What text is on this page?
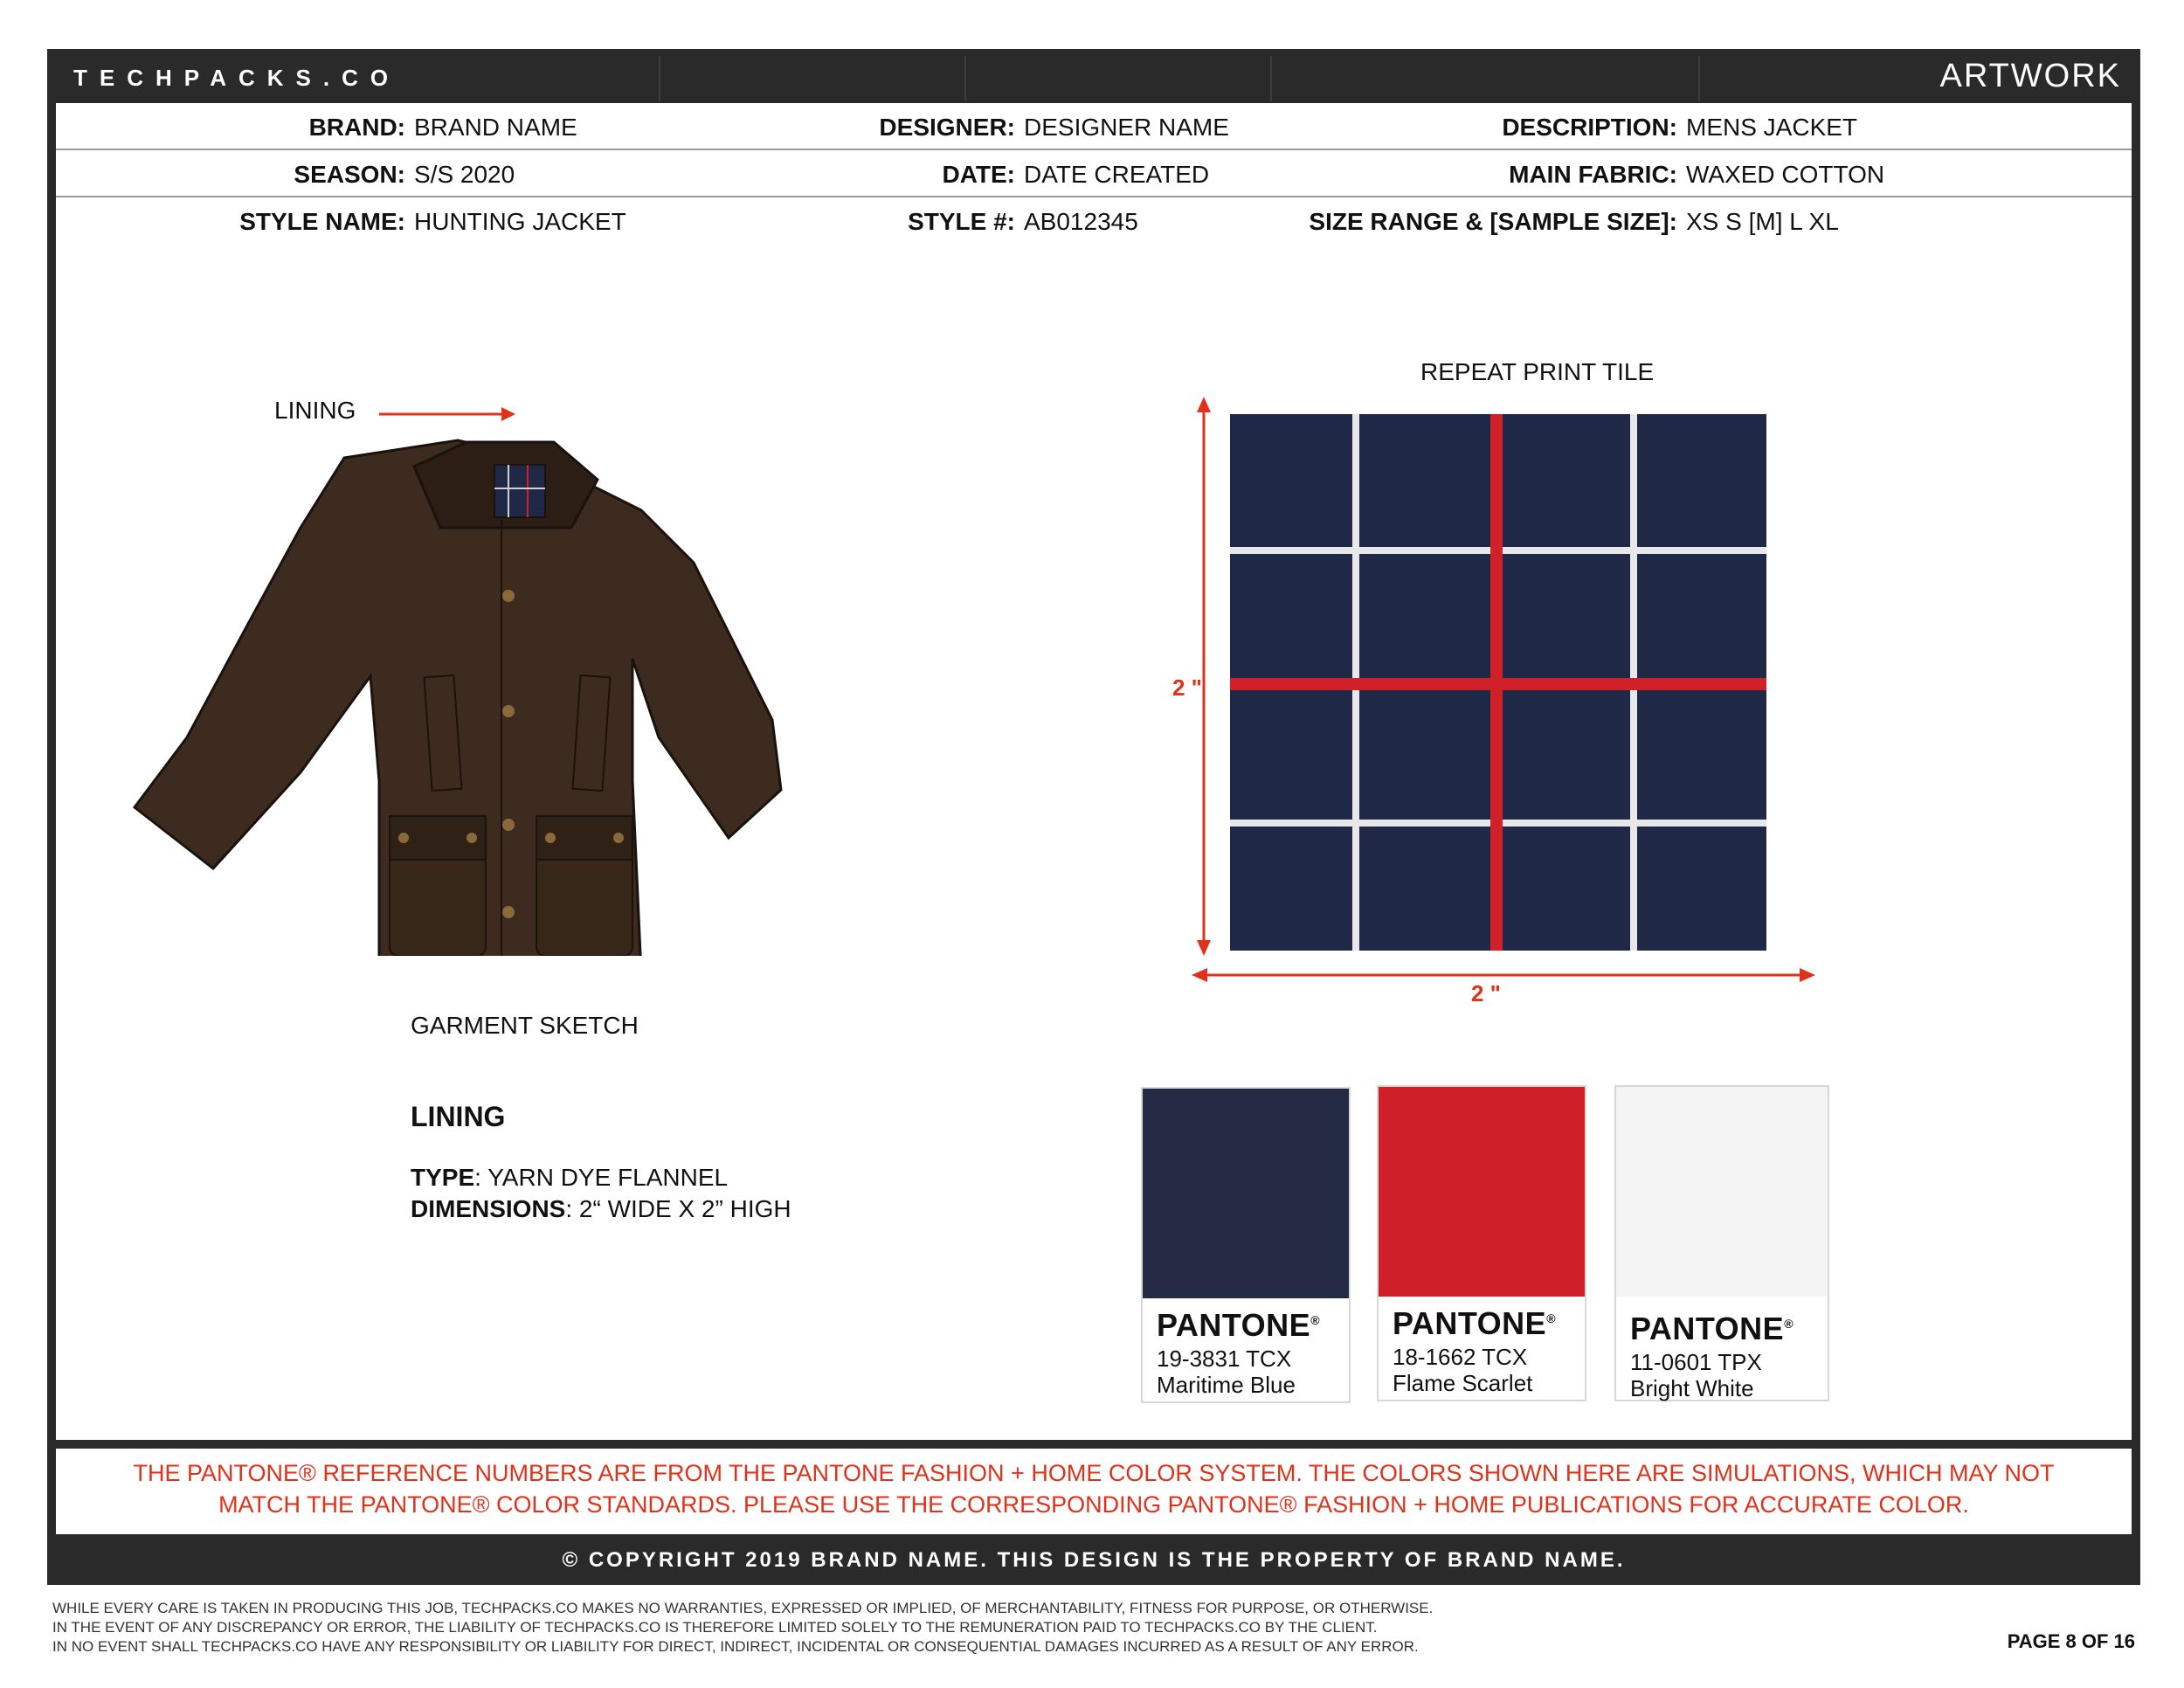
TECHPACKS.CO	ARTWORK
BRAND: BRAND NAME	DESIGNER: DESIGNER NAME	DESCRIPTION: MENS JACKET
SEASON: S/S 2020	DATE: DATE CREATED	MAIN FABRIC: WAXED COTTON
STYLE NAME: HUNTING JACKET	STYLE #: AB012345	SIZE RANGE & [SAMPLE SIZE]: XS S [M] L XL
LINING
GARMENT SKETCH
LINING
TYPE: YARN DYE FLANNEL
DIMENSIONS: 2“ WIDE X 2” HIGH
REPEAT PRINT TILE
2 "
2 "
PANTONE®
19-3831 TCX
Maritime Blue
PANTONE®
18-1662 TCX
Flame Scarlet
PANTONE®
11-0601 TPX
Bright White
THE PANTONE® REFERENCE NUMBERS ARE FROM THE PANTONE FASHION + HOME COLOR SYSTEM. THE COLORS SHOWN HERE ARE SIMULATIONS, WHICH MAY NOT
MATCH THE PANTONE® COLOR STANDARDS. PLEASE USE THE CORRESPONDING PANTONE® FASHION + HOME PUBLICATIONS FOR ACCURATE COLOR.
© COPYRIGHT 2019 BRAND NAME. THIS DESIGN IS THE PROPERTY OF BRAND NAME.
WHILE EVERY CARE IS TAKEN IN PRODUCING THIS JOB, TECHPACKS.CO MAKES NO WARRANTIES, EXPRESSED OR IMPLIED, OF MERCHANTABILITY, FITNESS FOR PURPOSE, OR OTHERWISE.
IN THE EVENT OF ANY DISCREPANCY OR ERROR, THE LIABILITY OF TECHPACKS.CO IS THEREFORE LIMITED SOLELY TO THE REMUNERATION PAID TO TECHPACKS.CO BY THE CLIENT.
IN NO EVENT SHALL TECHPACKS.CO HAVE ANY RESPONSIBILITY OR LIABILITY FOR DIRECT, INDIRECT, INCIDENTAL OR CONSEQUENTIAL DAMAGES INCURRED AS A RESULT OF ANY ERROR.	PAGE 8 OF 16
